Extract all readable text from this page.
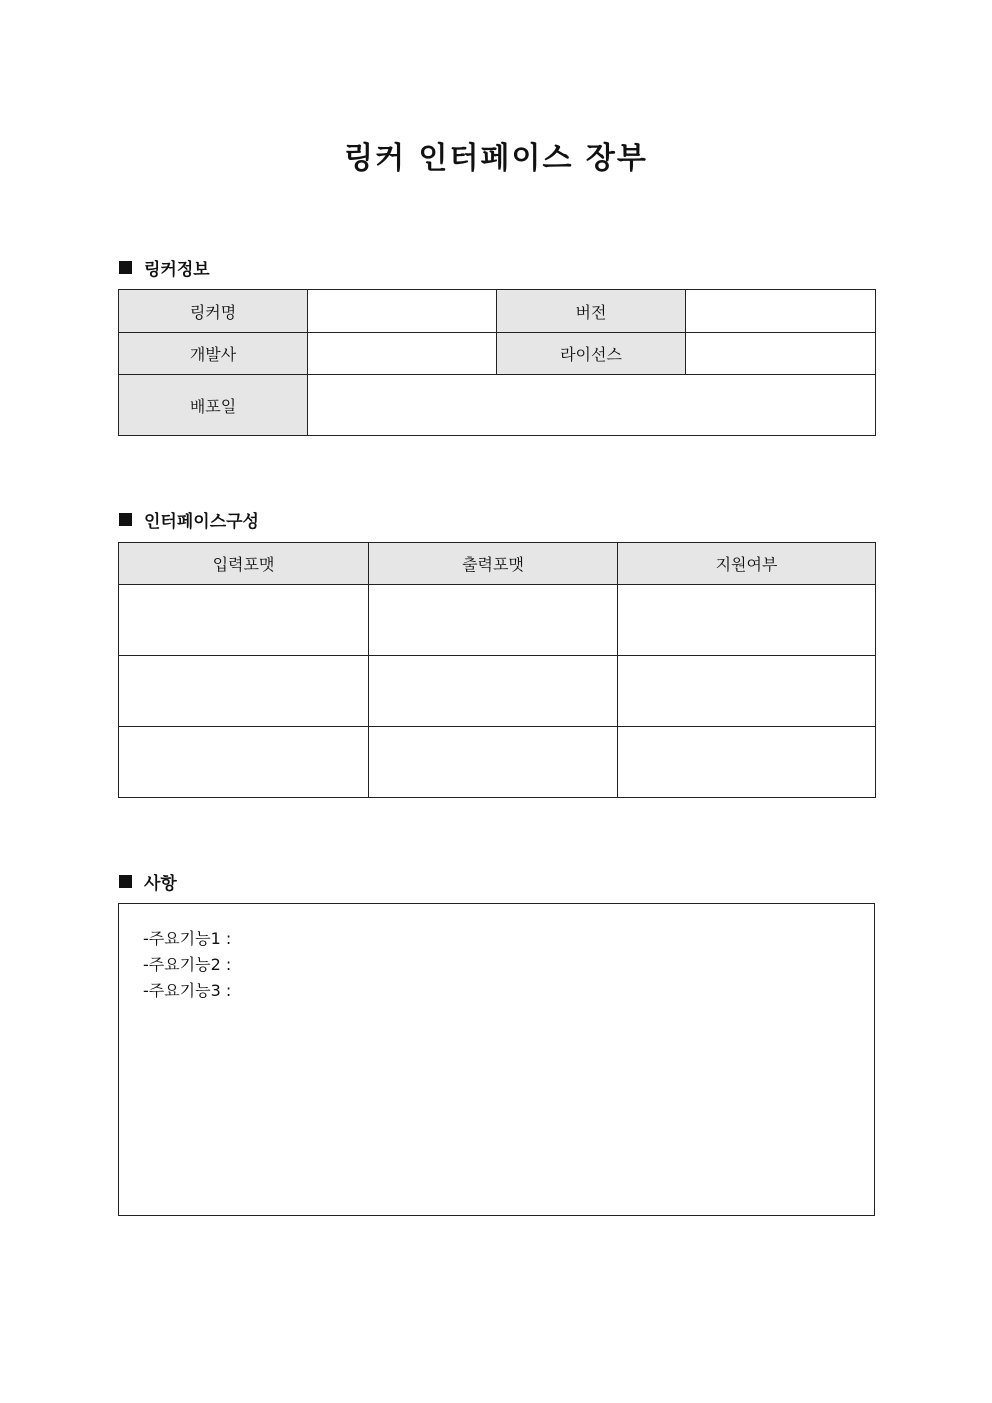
링커 인터페이스 장부
링커정보
링커명		버전	
개발사		라이선스	
배포일			
인터페이스구성
입력포맷	출력포맷	지원여부

사항
-주요기능1 :
-주요기능2 :
-주요기능3 :
